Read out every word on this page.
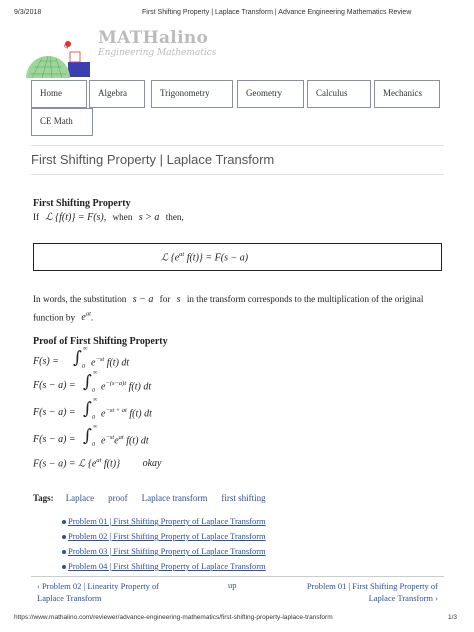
9/3/2018	First Shifting Property | Laplace Transform | Advance Engineering Mathematics Review
Q MATHalino
Engineering Mathematics
Home	Algebra	Trigonometry	Geometry	Calculus	Mechanics
CE Math
First Shifting Property | Laplace Transform
First Shifting Property
If ℒ {f(t)} = F(s), when s > a then,
ℒ {$e^{at}$ f(t)} = F(s − a)
In words, the substitution s − a for s in the transform corresponds to the multiplication of the original
function by $e^{at}$.
Proof of First Shifting Property
F(s) = ∫ ∞
0 $e^{-st}$ f(t) dt
F(s − a) = ∫ ∞
0 $e^{-(s-a)t}$ f(t) dt
F(s − a) = ∫ ∞
0 $e^{-st + at}$ f(t) dt
F(s − a) = ∫ ∞
0 $e^{-st}e^{at}$ f(t) dt
F(s − a) = ℒ {$e^{at}$ f(t)} okay
Tags: Laplace proof Laplace transform first shifting
Problem 01 | First Shifting Property of Laplace Transform
Problem 02 | First Shifting Property of Laplace Transform
Problem 03 | First Shifting Property of Laplace Transform
Problem 04 | First Shifting Property of Laplace Transform
‹ Problem 02 | Linearity Property of
Laplace Transform
up	Problem 01 | First Shifting Property of
Laplace Transform ›
https://www.mathalino.com/reviewer/advance-engineering-mathematics/first-shifting-property-laplace-transform	1/3
